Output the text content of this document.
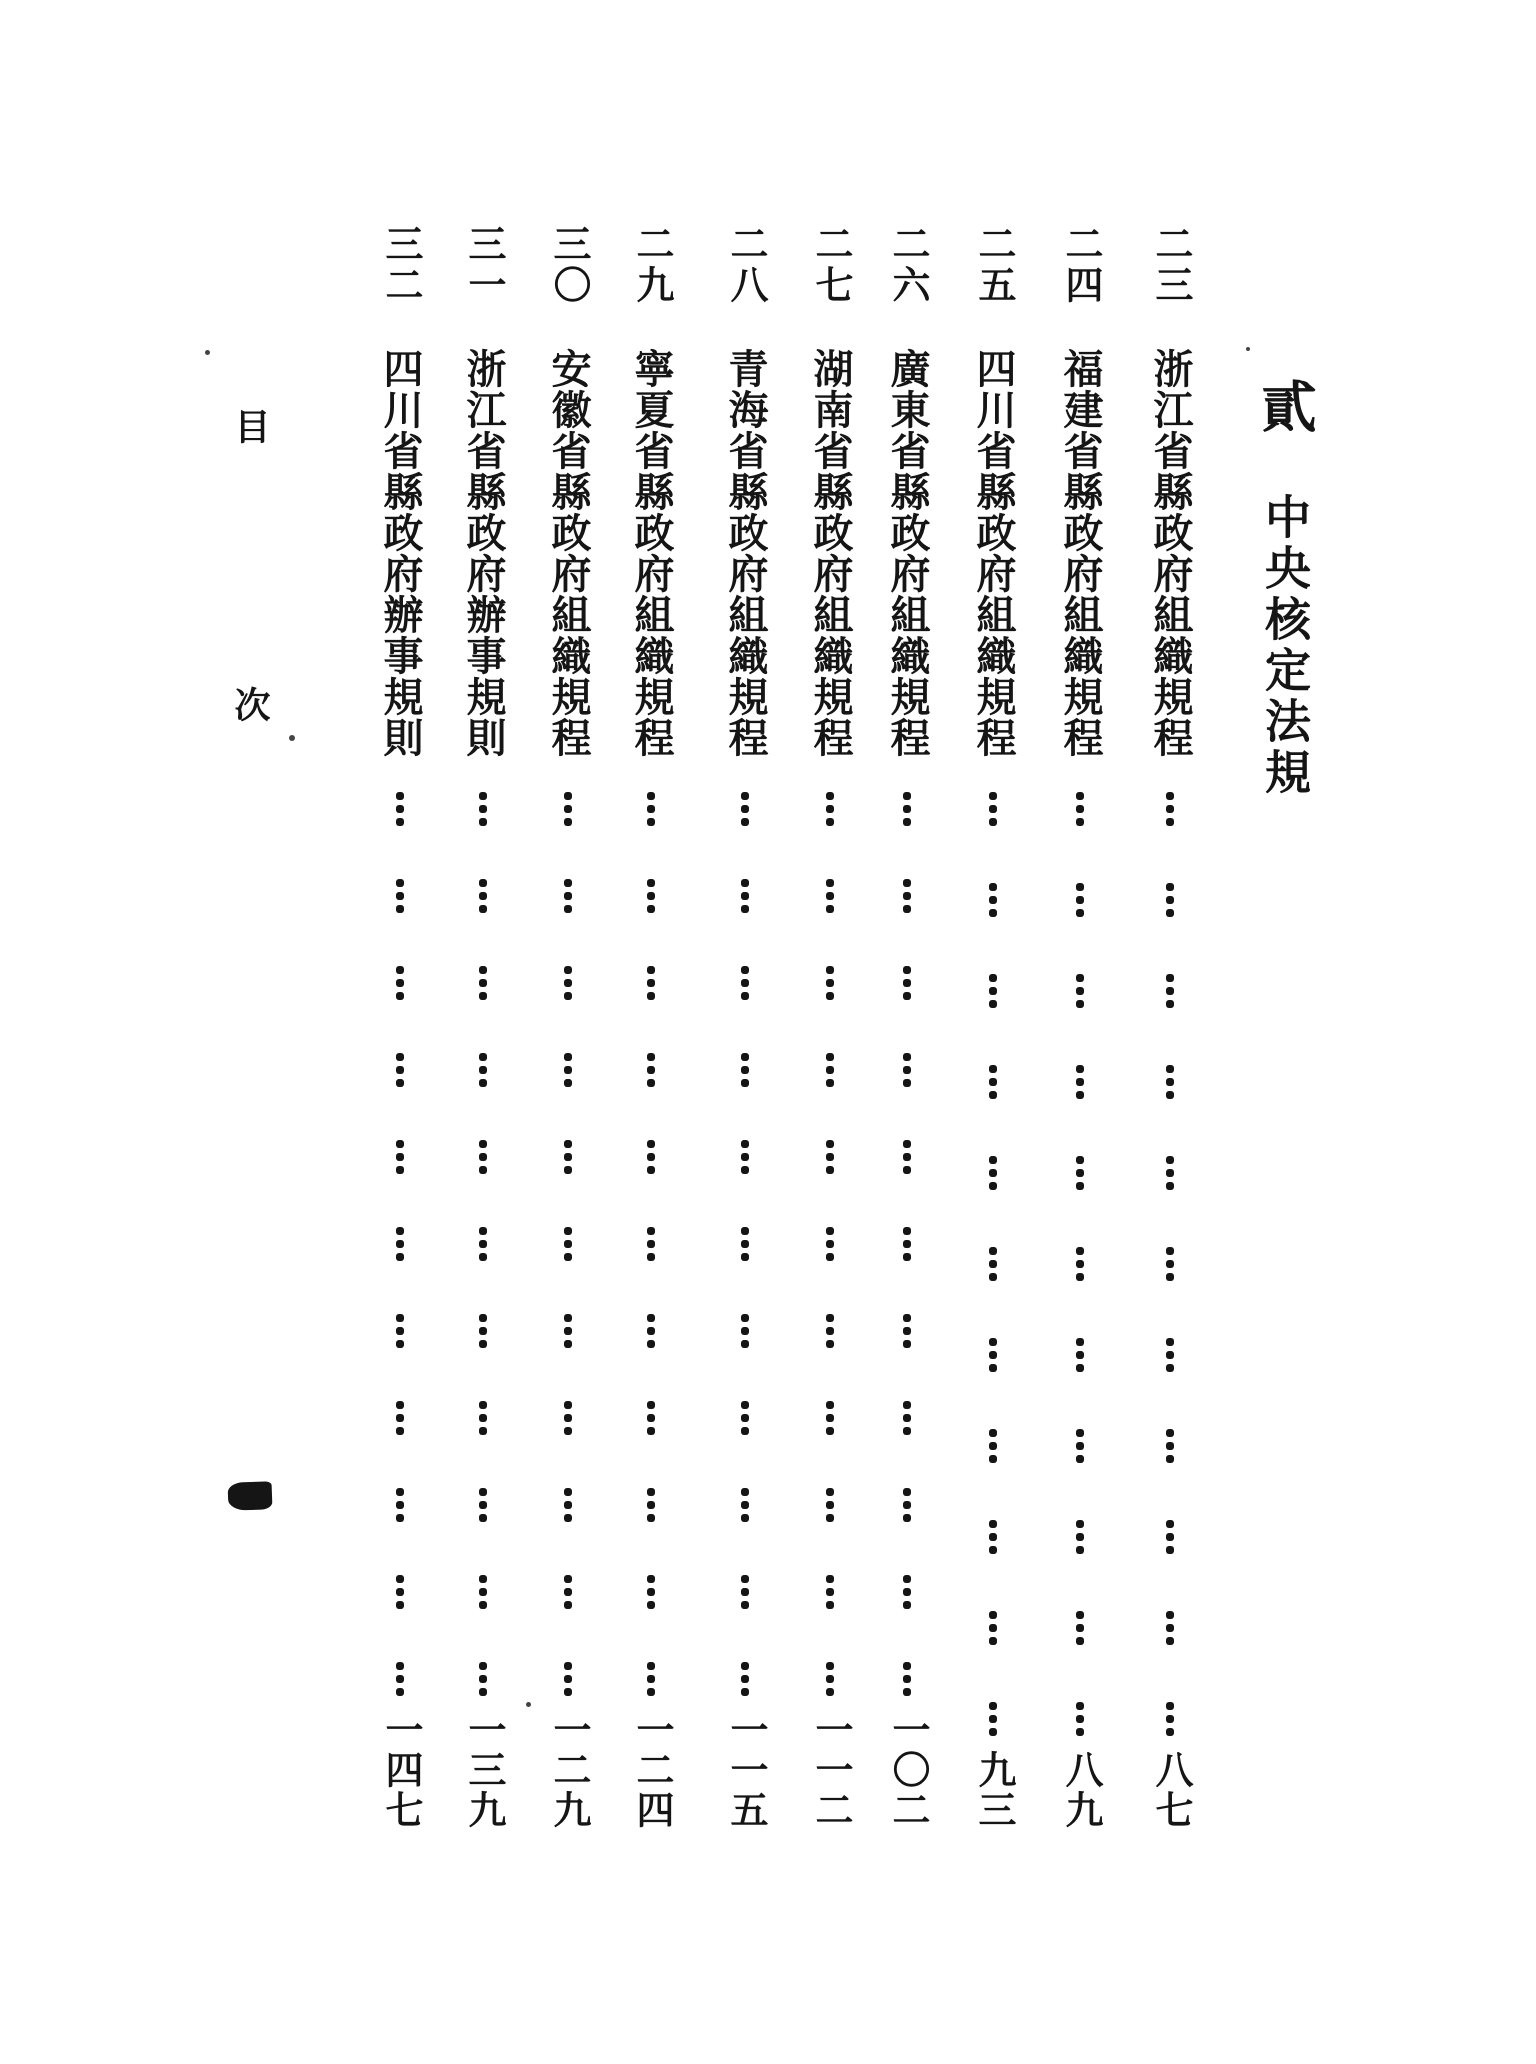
貳
中央核定法規
二三
浙江省縣政府組織規程
八七
二四
福建省縣政府組織規程
八九
二五
四川省縣政府組織規程
九三
二六
廣東省縣政府組織規程
一〇二
二七
湖南省縣政府組織規程
一一二
二八
青海省縣政府組織規程
一一五
二九
寧夏省縣政府組織規程
一二四
三〇
安徽省縣政府組織規程
一二九
三一
浙江省縣政府辦事規則
一三九
三二
四川省縣政府辦事規則
一四七
目
次
